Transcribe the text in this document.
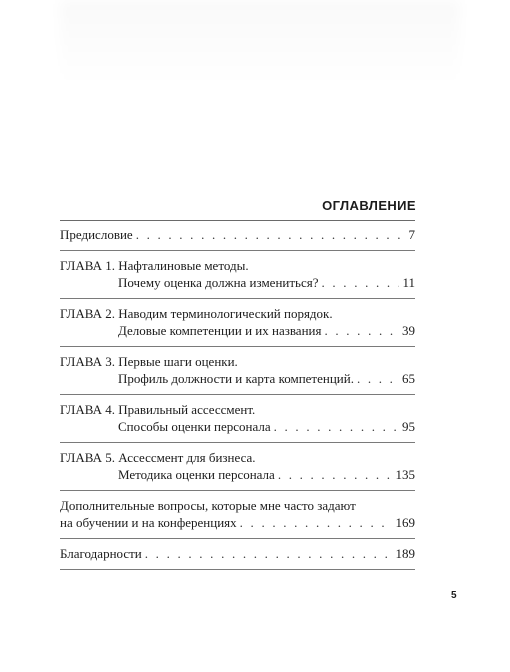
ОГЛАВЛЕНИЕ
Предисловие . . .	7
ГЛАВА 1.
Нафталиновые методы.
Почему оценка должна измениться? . . .	11
ГЛАВА 2.
Наводим терминологический порядок.
Деловые компетенции и их названия . . .	39
ГЛАВА 3.
Первые шаги оценки.
Профиль должности и карта компетенций. . . .	65
ГЛАВА 4.
Правильный ассессмент.
Способы оценки персонала . . .	95
ГЛАВА 5.
Ассессмент для бизнеса.
Методика оценки персонала . . .	135
Дополнительные вопросы, которые мне часто задают
на обучении и на конференциях . . .	169
Благодарности . . .	189
5
